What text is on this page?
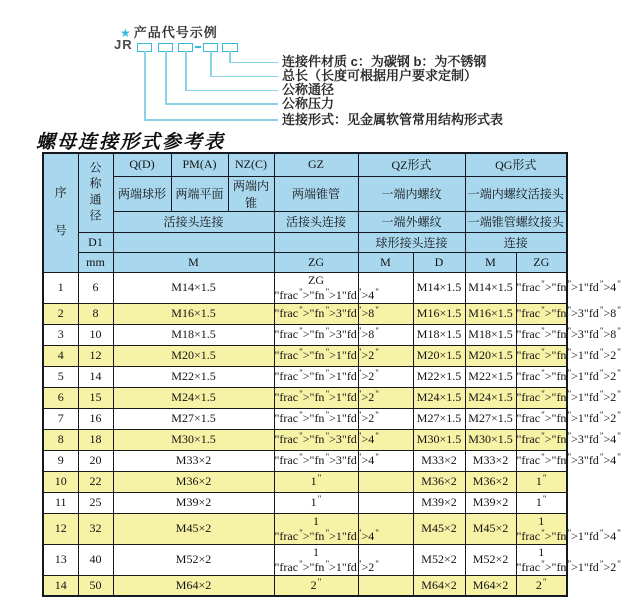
★ 产品代号示例
JR
连接件材质 c：为碳钢 b：为不锈钢
总长（长度可根据用户要求定制）
公称通径
公称压力
连接形式：见金属软管常用结构形式表
螺母连接形式参考表
序号	公称通径	Q(D)	PM(A)	NZ(C)	GZ	QZ形式		QG形式	
		两端球形	两端平面	两端内锥	两端锥管	一端内螺纹		一端内螺纹活接头	
		活接头连接			活接头连接	一端外螺纹		一端锥管螺纹接头	
	D1					球形接头连接		连接	
	mm	M			ZG	M	D	M	ZG
1	6	M14×1.5			ZG "frac">"fn">1"fd" "		M14×1.5	M14×1.5	"frac">"fn">1"fd">4"
2	8	M16×1.5			"frac">"fn">3"fd" "		M16×1.5	M16×1.5	"frac">"fn">3"fd">8"
3	10	M18×1.5			"frac">"fn">3"fd" "		M18×1.5	M18×1.5	"frac">"fn">3"fd">8"
4	12	M20×1.5			"frac">"fn">1"fd" "		M20×1.5	M20×1.5	"frac">"fn">1"fd">2"
5	14	M22×1.5			"frac">"fn">1"fd" "		M22×1.5	M22×1.5	"frac">"fn">1"fd">2"
6	15	M24×1.5			"frac">"fn">1"fd" "		M24×1.5	M24×1.5	"frac">"fn">1"fd">2"
7	16	M27×1.5			"frac">"fn">1"fd" "		M27×1.5	M27×1.5	"frac">"fn">1"fd">2"
8	18	M30×1.5			"frac">"fn">3"fd" "		M30×1.5	M30×1.5	"frac">"fn">3"fd">4"
9	20	M33×2			"frac">"fn">3"fd" "		M33×2	M33×2	"frac">"fn">3"fd">4"
10	22	M36×2			1"		M36×2	M36×2	1"
11	25	M39×2			1"		M39×2	M39×2	1"
12	32	M45×2			1 "frac">"fn">1"fd" "		M45×2	M45×2	1 "frac">"fn">1"fd">4"
13	40	M52×2			1 "frac">"fn">1"fd" "		M52×2	M52×2	1 "frac">"fn">1"fd">2"
14	50	M64×2			2"		M64×2	M64×2	2"
